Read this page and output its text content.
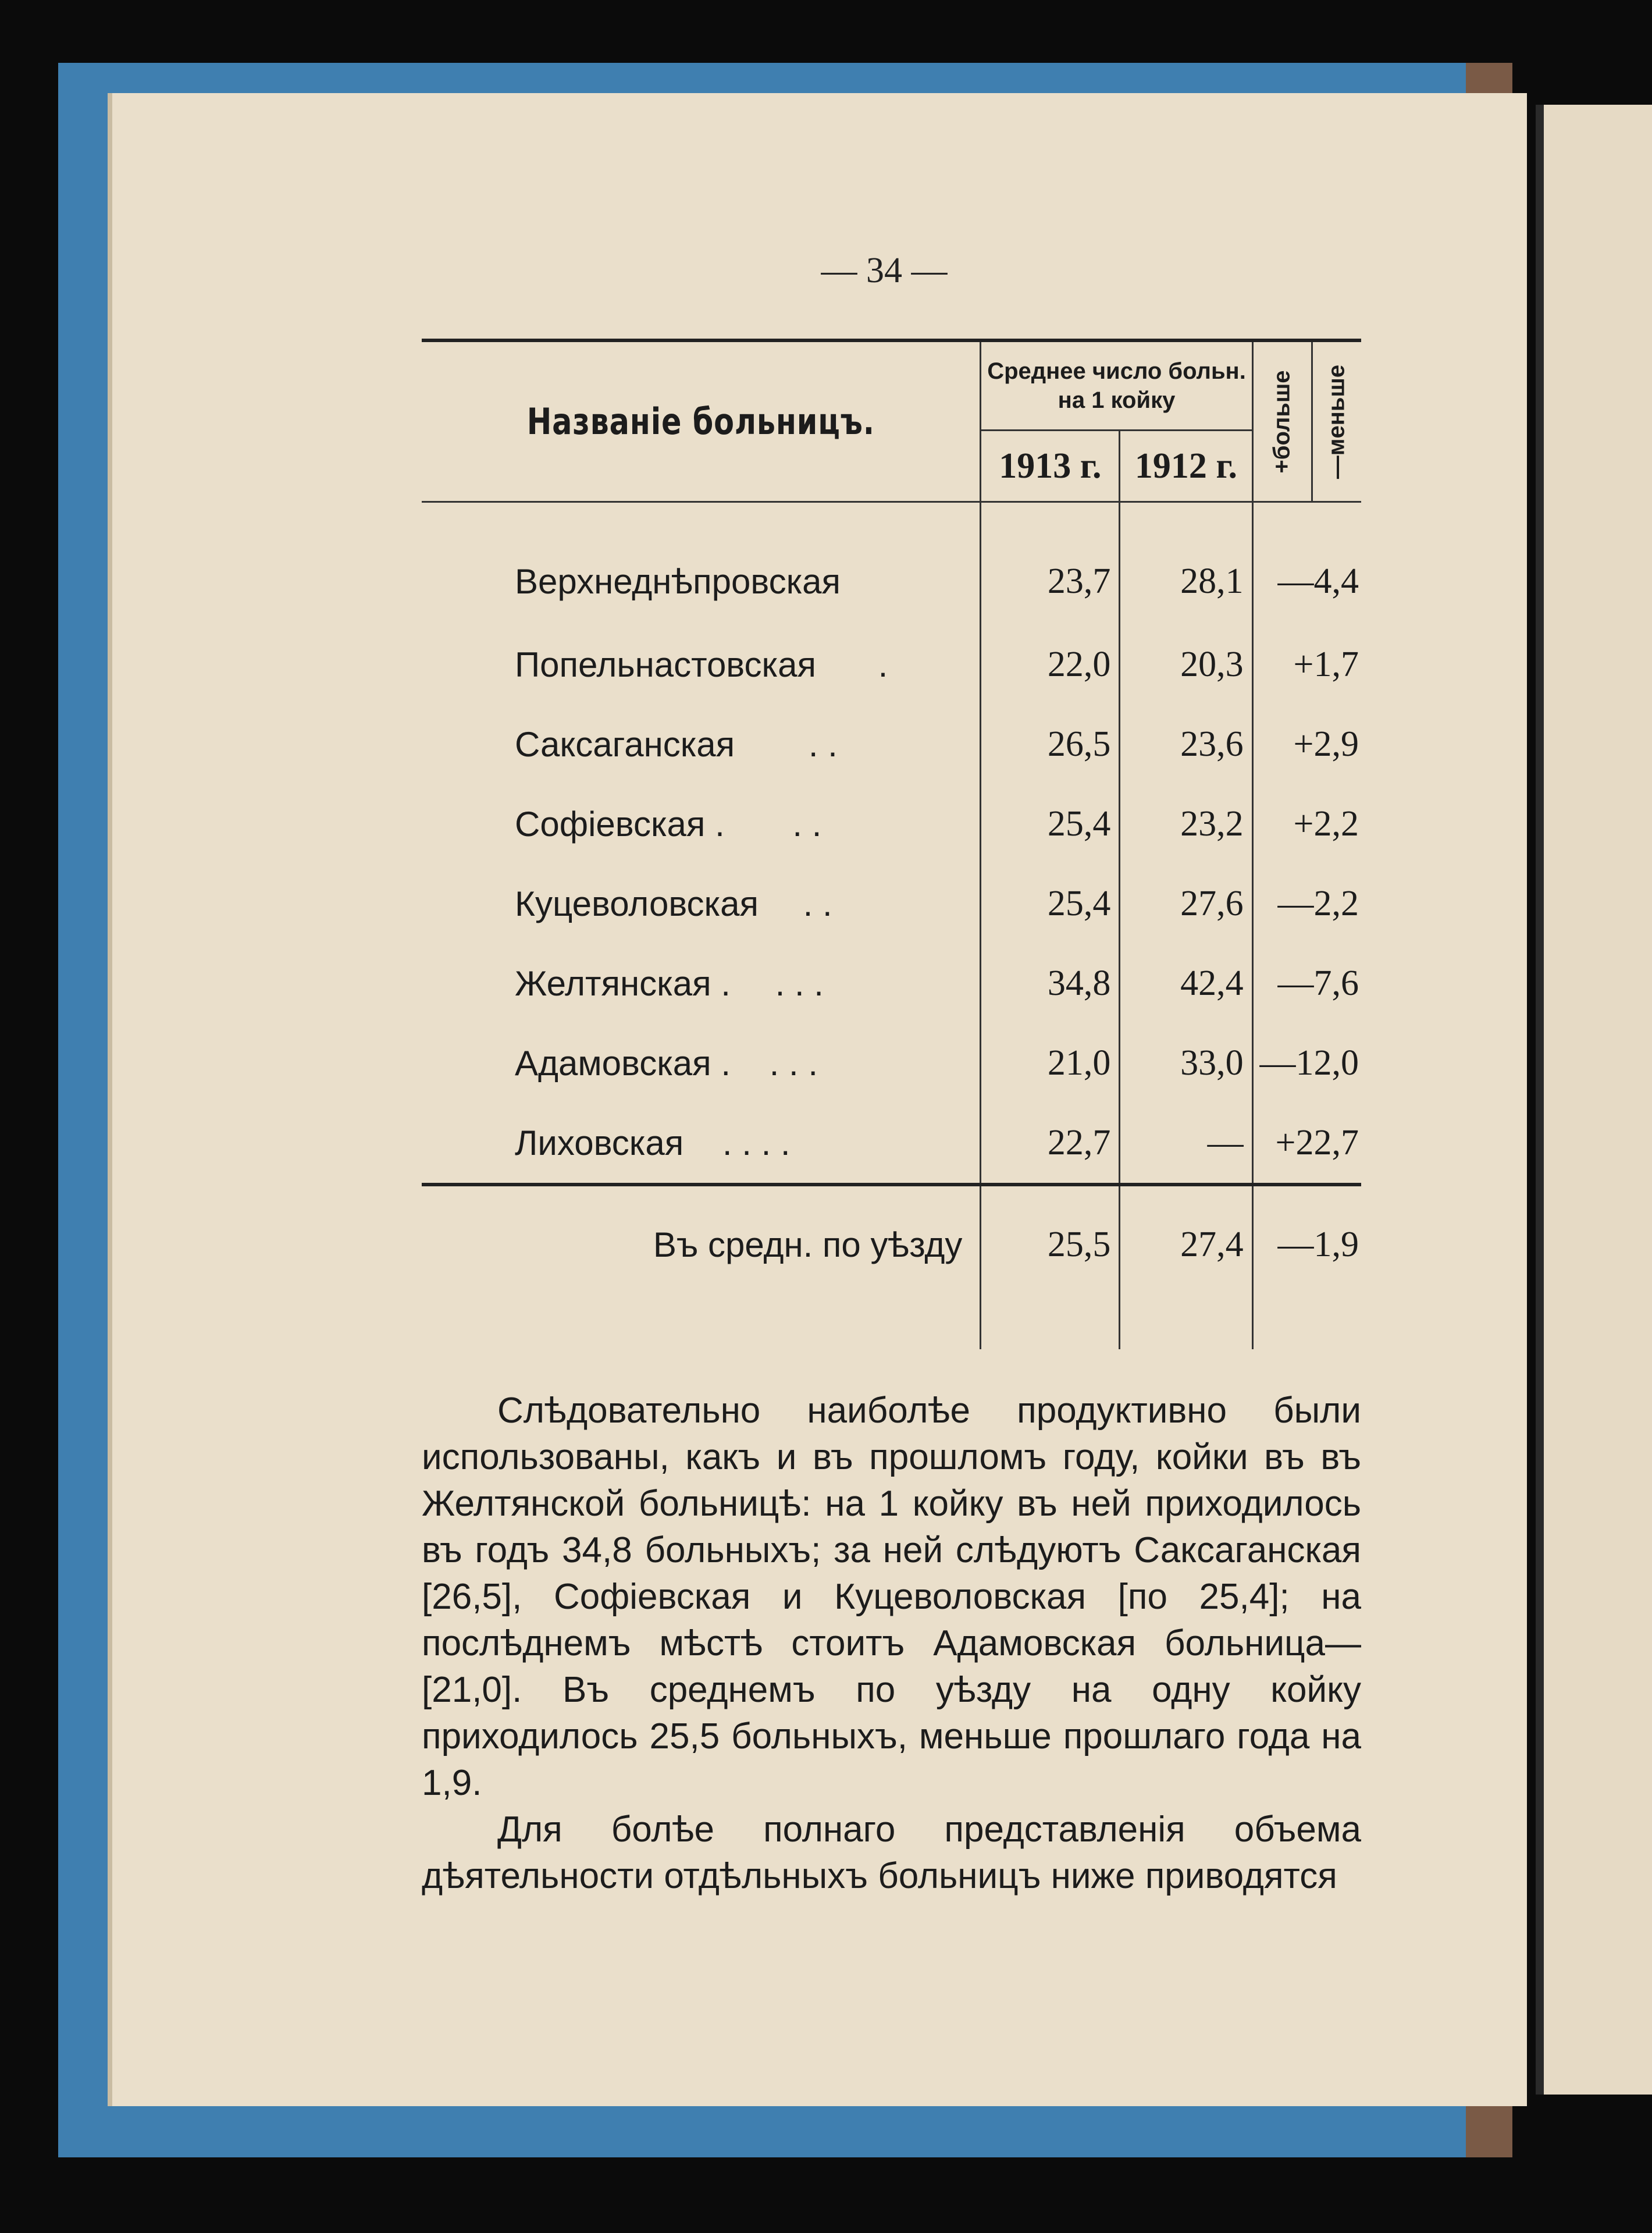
— 34 —
Названіе больницъ.	Среднее число больн. на 1 койку		+больше	—меньше

	1913 г.	1912 г.		
Верхнеднѣпровская	23,7	28,1	—4,4	
Попельнастовская .	22,0	20,3	+1,7	
Саксаганская . .	26,5	23,6	+2,9	
Софіевская . . .	25,4	23,2	+2,2	
Куцеволовская . .	25,4	27,6	—2,2	
Желтянская . . . .	34,8	42,4	—7,6	
Адамовская . . . .	21,0	33,0	—12,0	
Лиховская . . . .	22,7	—	+22,7	
Въ средн. по уѣзду	25,5	27,4	—1,9	

Слѣдовательно наиболѣе продуктивно были использованы, какъ и въ прошломъ году, койки въ въ Желтянской больницѣ: на 1 койку въ ней приходилось въ годъ 34,8 больныхъ; за ней слѣдуютъ Саксаганская [26,5], Софіевская и Куцеволовская [по 25,4]; на послѣднемъ мѣстѣ стоитъ Адамовская больница—[21,0]. Въ среднемъ по уѣзду на одну койку приходилось 25,5 больныхъ, меньше прошлаго года на 1,9.

Для болѣе полнаго представленія объема дѣятельности отдѣльныхъ больницъ ниже приводятся
